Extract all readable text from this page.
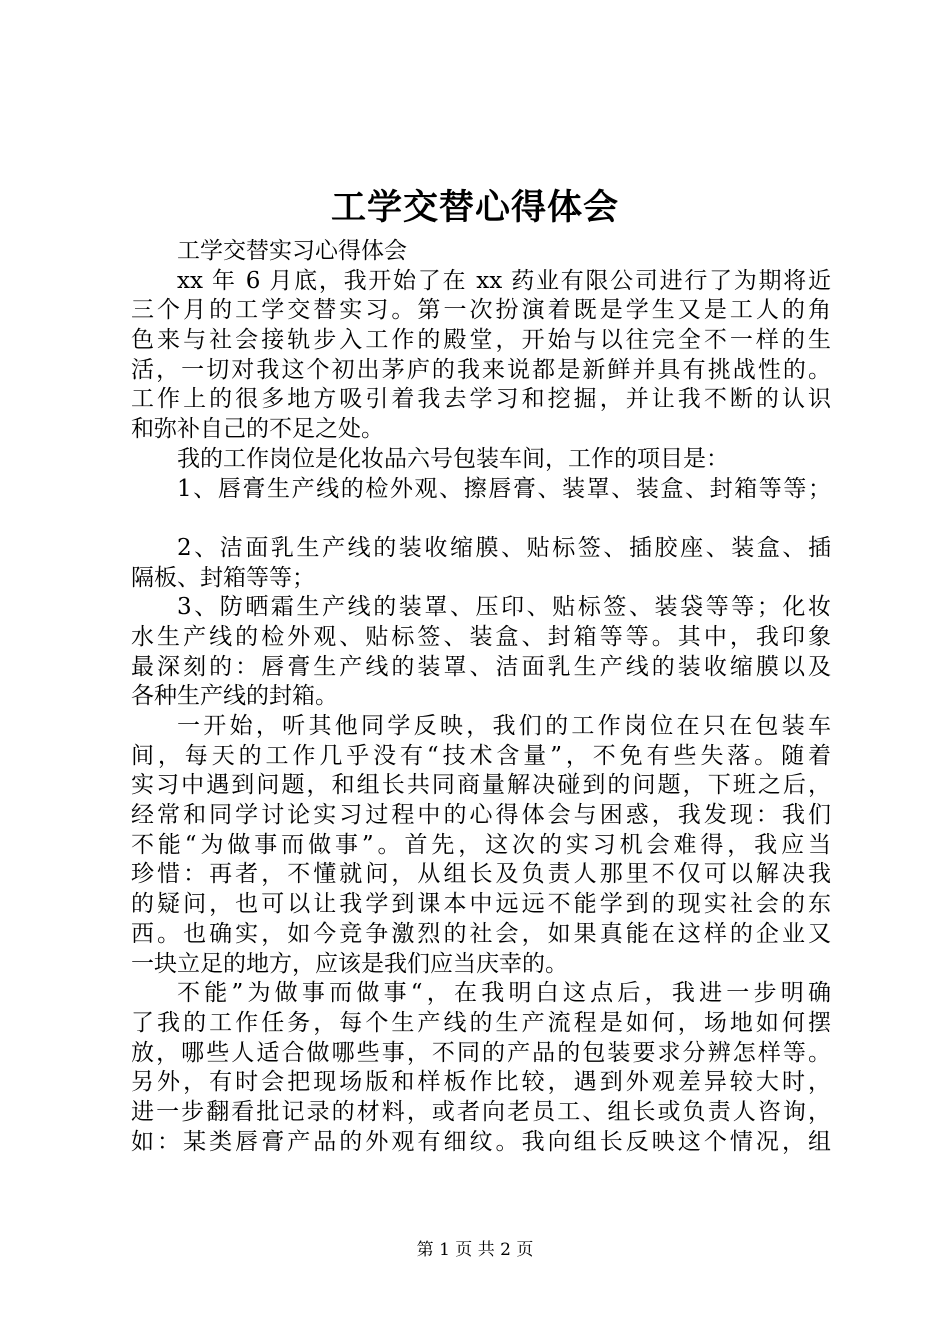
工学交替心得体会
工学交替实习心得体会
xx 年 6 月底，我开始了在 xx 药业有限公司进行了为期将近
三个月的工学交替实习。第一次扮演着既是学生又是工人的角
色来与社会接轨步入工作的殿堂，开始与以往完全不一样的生
活，一切对我这个初出茅庐的我来说都是新鲜并具有挑战性的。
工作上的很多地方吸引着我去学习和挖掘，并让我不断的认识
和弥补自己的不足之处。
我的工作岗位是化妆品六号包装车间，工作的项目是：
1、唇膏生产线的检外观、擦唇膏、装罩、装盒、封箱等等；
2、洁面乳生产线的装收缩膜、贴标签、插胶座、装盒、插
隔板、封箱等等；
3、防晒霜生产线的装罩、压印、贴标签、装袋等等；化妆
水生产线的检外观、贴标签、装盒、封箱等等。其中，我印象
最深刻的：唇膏生产线的装罩、洁面乳生产线的装收缩膜以及
各种生产线的封箱。
一开始，听其他同学反映，我们的工作岗位在只在包装车
间，每天的工作几乎没有“技术含量”，不免有些失落。随着
实习中遇到问题，和组长共同商量解决碰到的问题，下班之后，
经常和同学讨论实习过程中的心得体会与困惑，我发现：我们
不能“为做事而做事”。首先，这次的实习机会难得，我应当
珍惜：再者，不懂就问，从组长及负责人那里不仅可以解决我
的疑问，也可以让我学到课本中远远不能学到的现实社会的东
西。也确实，如今竞争激烈的社会，如果真能在这样的企业又
一块立足的地方，应该是我们应当庆幸的。
不能”为做事而做事“，在我明白这点后，我进一步明确
了我的工作任务，每个生产线的生产流程是如何，场地如何摆
放，哪些人适合做哪些事，不同的产品的包装要求分辨怎样等。
另外，有时会把现场版和样板作比较，遇到外观差异较大时，
进一步翻看批记录的材料，或者向老员工、组长或负责人咨询，
如：某类唇膏产品的外观有细纹。我向组长反映这个情况，组
第 1 页 共 2 页
